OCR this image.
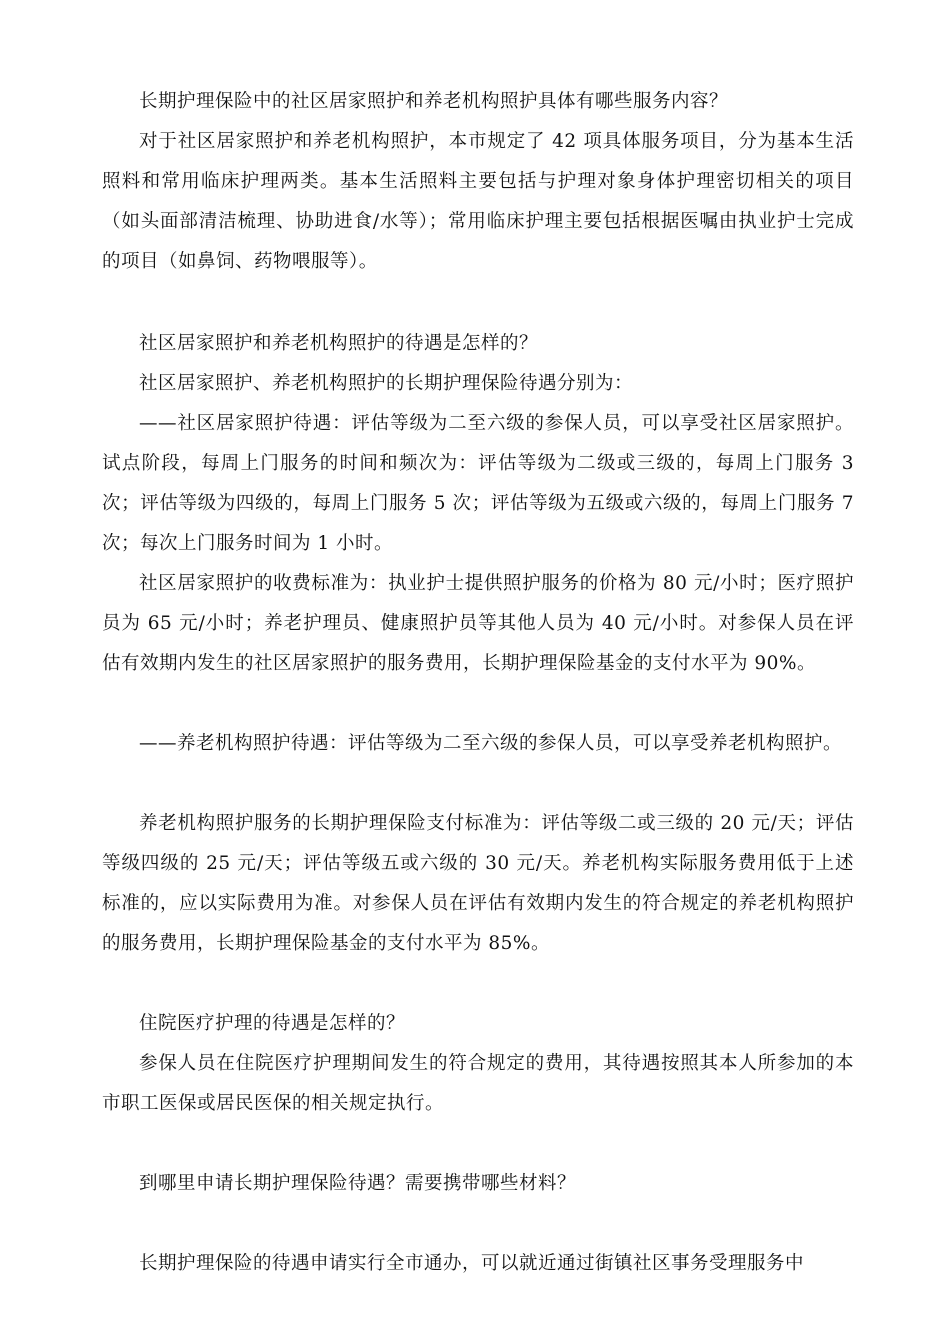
长期护理保险中的社区居家照护和养老机构照护具体有哪些服务内容？

对于社区居家照护和养老机构照护，本市规定了 42 项具体服务项目，分为基本生活照料和常用临床护理两类。基本生活照料主要包括与护理对象身体护理密切相关的项目（如头面部清洁梳理、协助进食/水等）；常用临床护理主要包括根据医嘱由执业护士完成的项目（如鼻饲、药物喂服等）。

社区居家照护和养老机构照护的待遇是怎样的？

社区居家照护、养老机构照护的长期护理保险待遇分别为：

——社区居家照护待遇：评估等级为二至六级的参保人员，可以享受社区居家照护。试点阶段，每周上门服务的时间和频次为：评估等级为二级或三级的，每周上门服务 3 次；评估等级为四级的，每周上门服务 5 次；评估等级为五级或六级的，每周上门服务 7 次；每次上门服务时间为 1 小时。

社区居家照护的收费标准为：执业护士提供照护服务的价格为 80 元/小时；医疗照护员为 65 元/小时；养老护理员、健康照护员等其他人员为 40 元/小时。对参保人员在评估有效期内发生的社区居家照护的服务费用，长期护理保险基金的支付水平为 90%。

——养老机构照护待遇：评估等级为二至六级的参保人员，可以享受养老机构照护。

养老机构照护服务的长期护理保险支付标准为：评估等级二或三级的 20 元/天；评估等级四级的 25 元/天；评估等级五或六级的 30 元/天。养老机构实际服务费用低于上述标准的，应以实际费用为准。对参保人员在评估有效期内发生的符合规定的养老机构照护的服务费用，长期护理保险基金的支付水平为 85%。

住院医疗护理的待遇是怎样的？

参保人员在住院医疗护理期间发生的符合规定的费用，其待遇按照其本人所参加的本市职工医保或居民医保的相关规定执行。

到哪里申请长期护理保险待遇？需要携带哪些材料？

长期护理保险的待遇申请实行全市通办，可以就近通过街镇社区事务受理服务中
